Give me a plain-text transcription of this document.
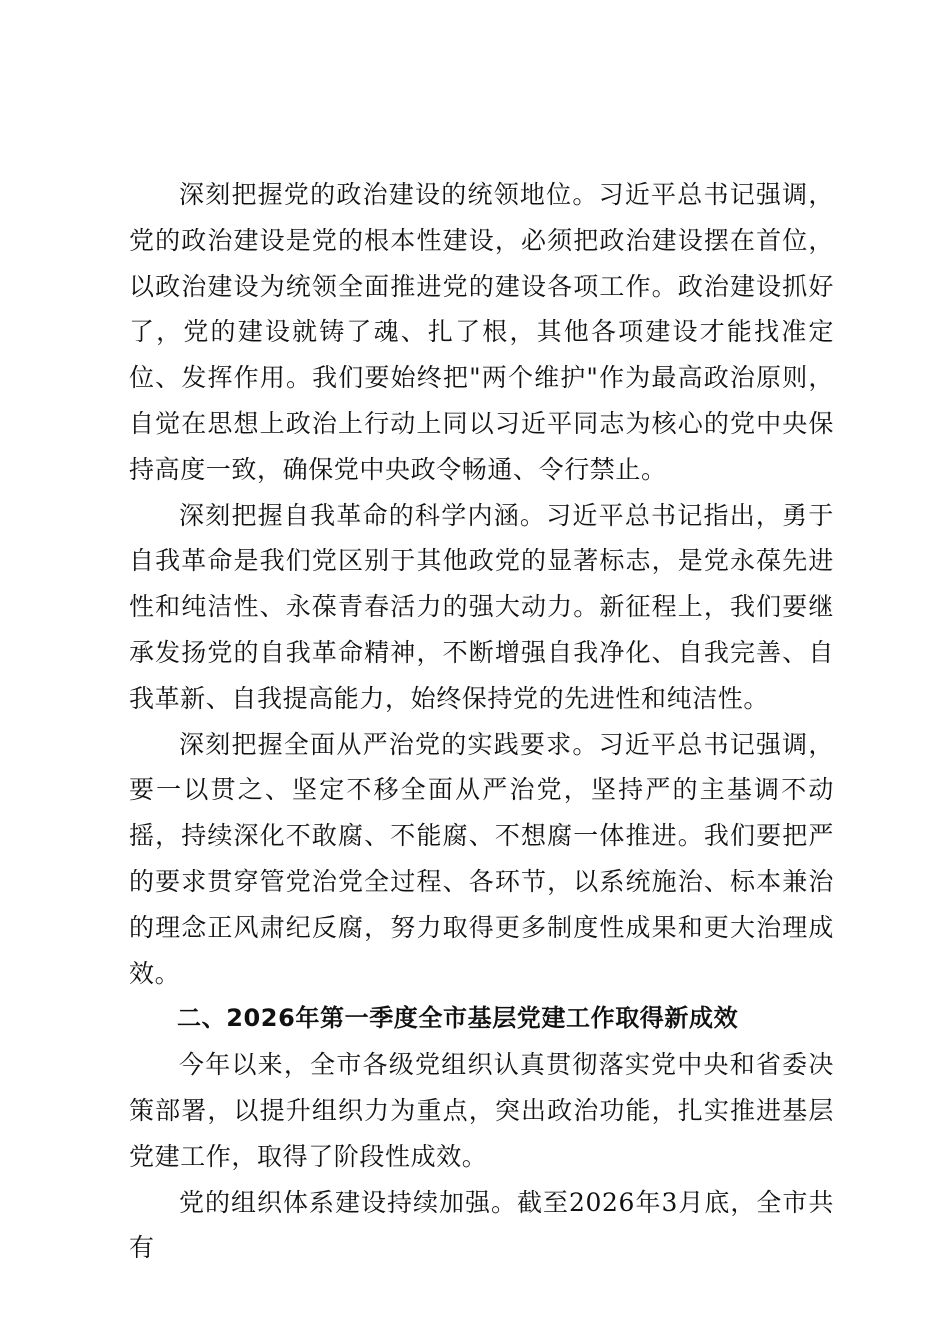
深刻把握党的政治建设的统领地位。习近平总书记强调，党的政治建设是党的根本性建设，必须把政治建设摆在首位，以政治建设为统领全面推进党的建设各项工作。政治建设抓好了，党的建设就铸了魂、扎了根，其他各项建设才能找准定位、发挥作用。我们要始终把"两个维护"作为最高政治原则，自觉在思想上政治上行动上同以习近平同志为核心的党中央保持高度一致，确保党中央政令畅通、令行禁止。

深刻把握自我革命的科学内涵。习近平总书记指出，勇于自我革命是我们党区别于其他政党的显著标志，是党永葆先进性和纯洁性、永葆青春活力的强大动力。新征程上，我们要继承发扬党的自我革命精神，不断增强自我净化、自我完善、自我革新、自我提高能力，始终保持党的先进性和纯洁性。

深刻把握全面从严治党的实践要求。习近平总书记强调，要一以贯之、坚定不移全面从严治党，坚持严的主基调不动摇，持续深化不敢腐、不能腐、不想腐一体推进。我们要把严的要求贯穿管党治党全过程、各环节，以系统施治、标本兼治的理念正风肃纪反腐，努力取得更多制度性成果和更大治理成效。

二、2026年第一季度全市基层党建工作取得新成效

今年以来，全市各级党组织认真贯彻落实党中央和省委决策部署，以提升组织力为重点，突出政治功能，扎实推进基层党建工作，取得了阶段性成效。

党的组织体系建设持续加强。截至2026年3月底，全市共有
